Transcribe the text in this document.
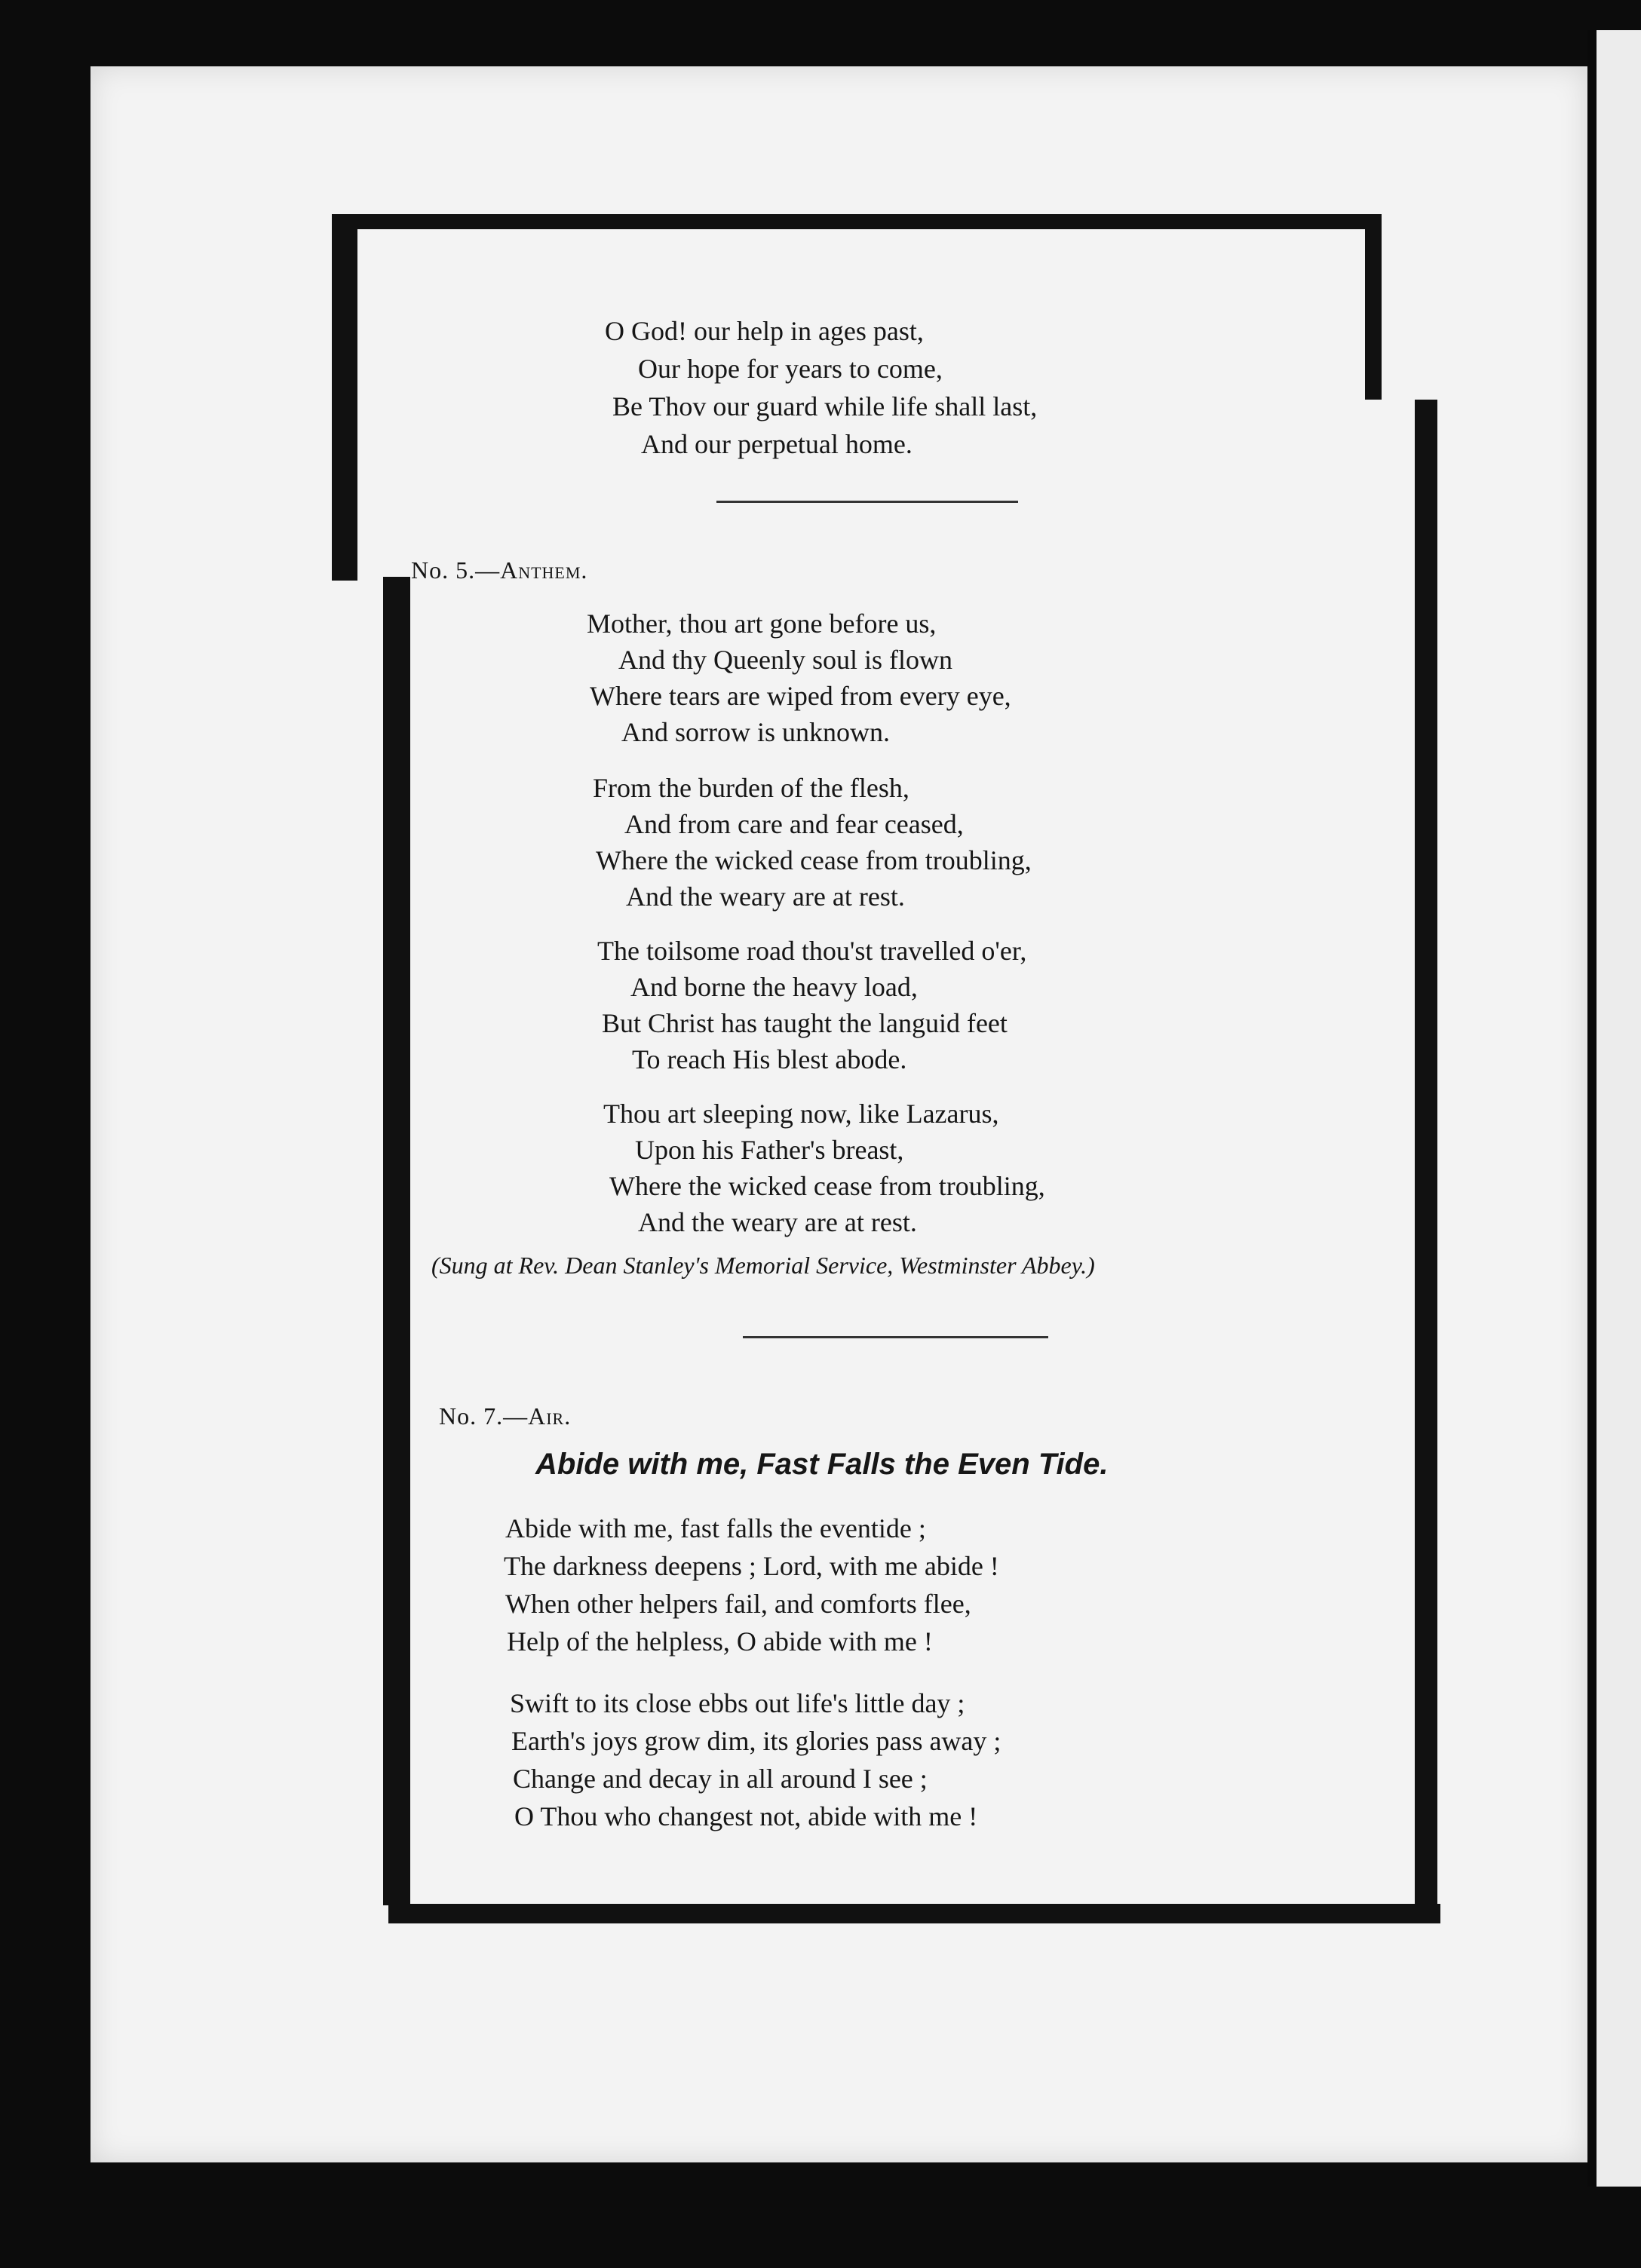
O God! our help in ages past,
Our hope for years to come,
Be Thov our guard while life shall last,
And our perpetual home.
No. 5.—Anthem.
Mother, thou art gone before us,
And thy Queenly soul is flown
Where tears are wiped from every eye,
And sorrow is unknown.
From the burden of the flesh,
And from care and fear ceased,
Where the wicked cease from troubling,
And the weary are at rest.
The toilsome road thou'st travelled o'er,
And borne the heavy load,
But Christ has taught the languid feet
To reach His blest abode.
Thou art sleeping now, like Lazarus,
Upon his Father's breast,
Where the wicked cease from troubling,
And the weary are at rest.
(Sung at Rev. Dean Stanley's Memorial Service, Westminster Abbey.)
No. 7.—Air.
Abide with me, Fast Falls the Even Tide.
Abide with me, fast falls the eventide ;
The darkness deepens ; Lord, with me abide !
When other helpers fail, and comforts flee,
Help of the helpless, O abide with me !
Swift to its close ebbs out life's little day ;
Earth's joys grow dim, its glories pass away ;
Change and decay in all around I see ;
O Thou who changest not, abide with me !
